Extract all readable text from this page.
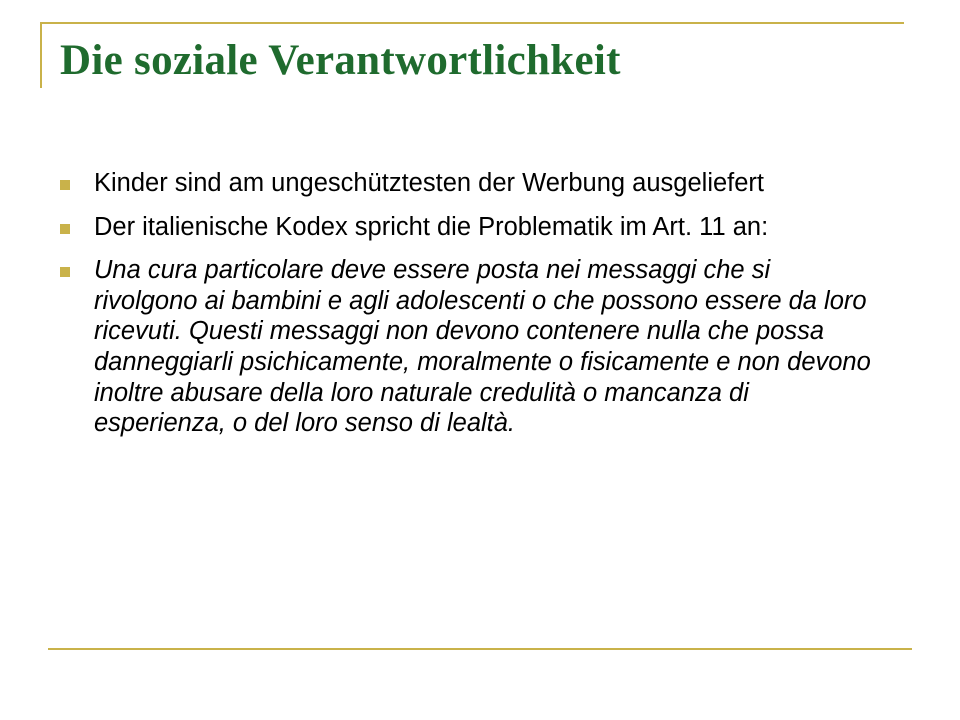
Die soziale Verantwortlichkeit
Kinder sind am ungeschütztesten der Werbung ausgeliefert
Der italienische Kodex spricht die Problematik im Art. 11 an:
Una cura particolare deve essere posta nei messaggi che si rivolgono ai bambini e agli adolescenti o che possono essere da loro ricevuti. Questi messaggi non devono contenere nulla che possa danneggiarli psichicamente, moralmente o fisicamente e non devono inoltre abusare della loro naturale credulità o mancanza di esperienza, o del loro senso di lealtà.
